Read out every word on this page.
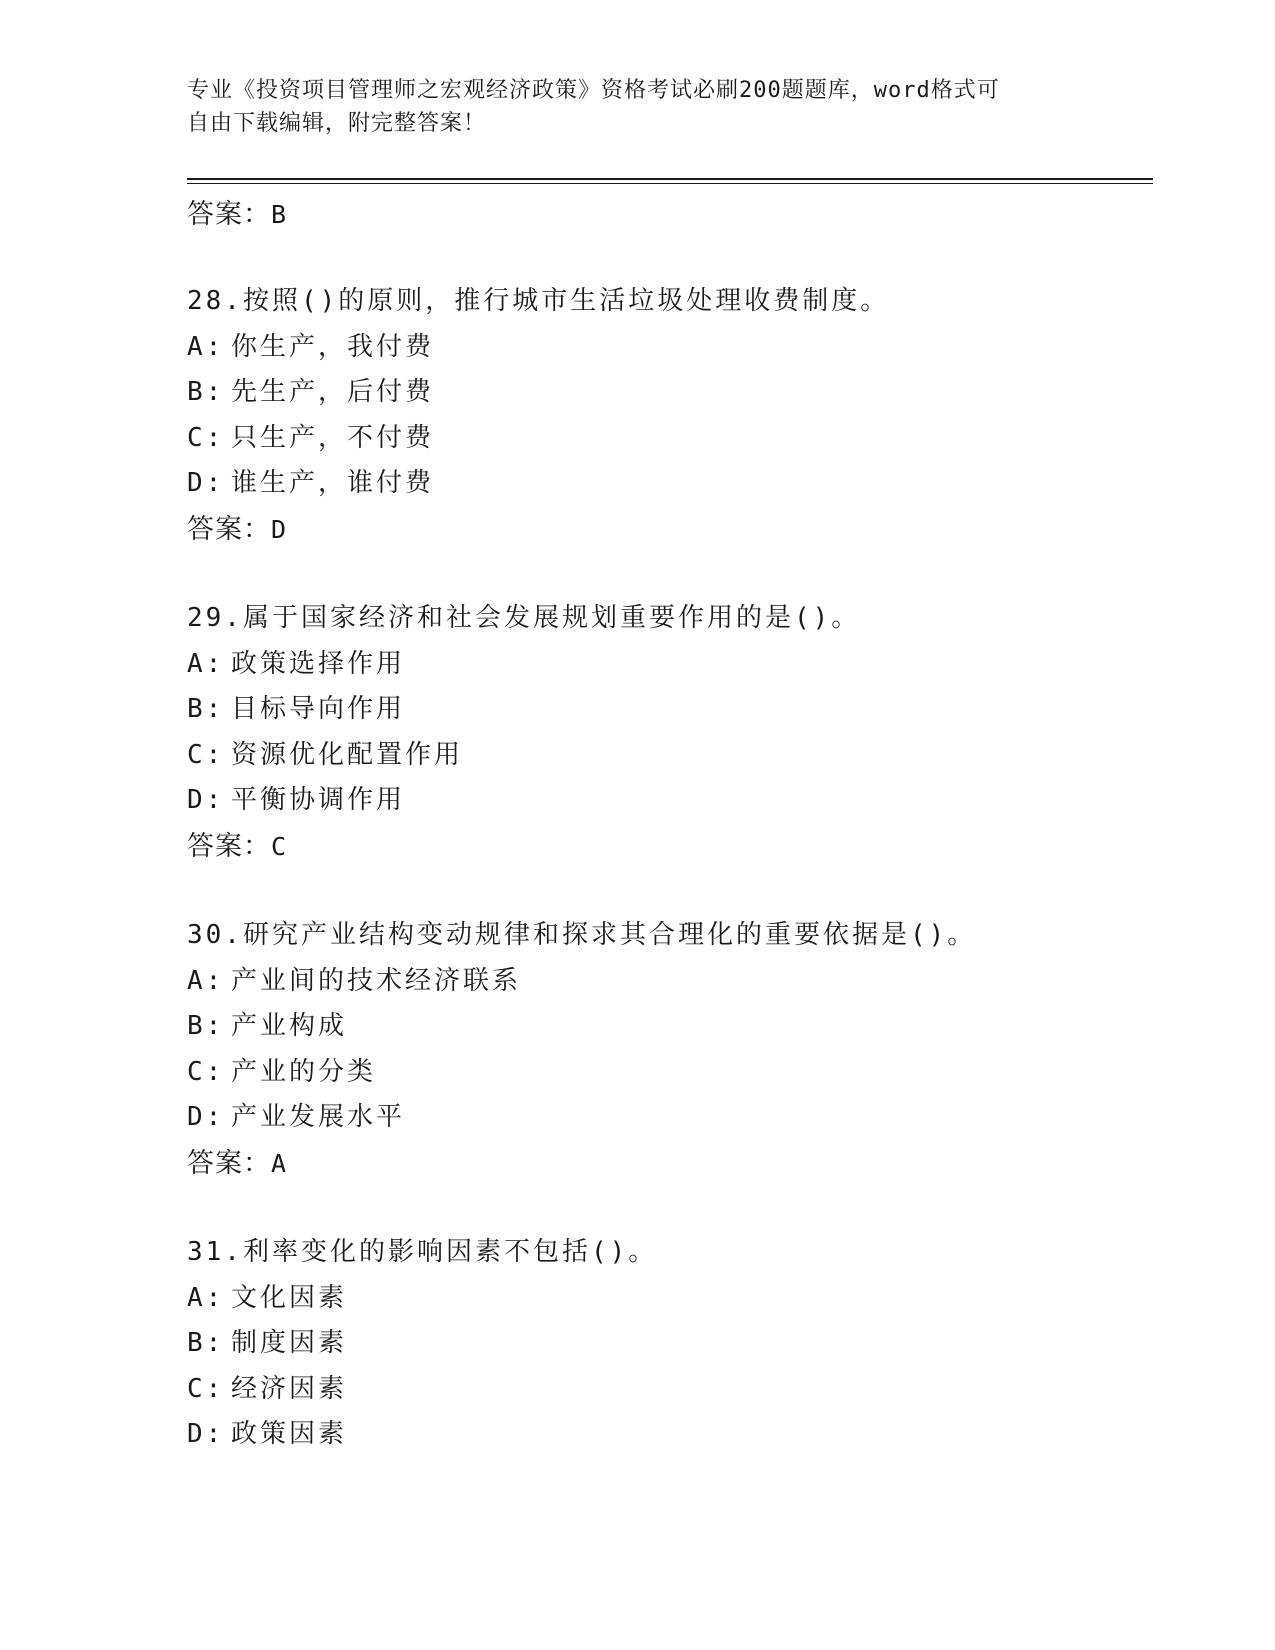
专业《投资项目管理师之宏观经济政策》资格考试必刷200题题库，word格式可
自由下载编辑，附完整答案！
答案：B
28.按照()的原则，推行城市生活垃圾处理收费制度。
A: 你生产，我付费
B: 先生产，后付费
C: 只生产，不付费
D: 谁生产，谁付费
答案：D
29.属于国家经济和社会发展规划重要作用的是()。
A: 政策选择作用
B: 目标导向作用
C: 资源优化配置作用
D: 平衡协调作用
答案：C
30.研究产业结构变动规律和探求其合理化的重要依据是()。
A: 产业间的技术经济联系
B: 产业构成
C: 产业的分类
D: 产业发展水平
答案：A
31.利率变化的影响因素不包括()。
A: 文化因素
B: 制度因素
C: 经济因素
D: 政策因素
